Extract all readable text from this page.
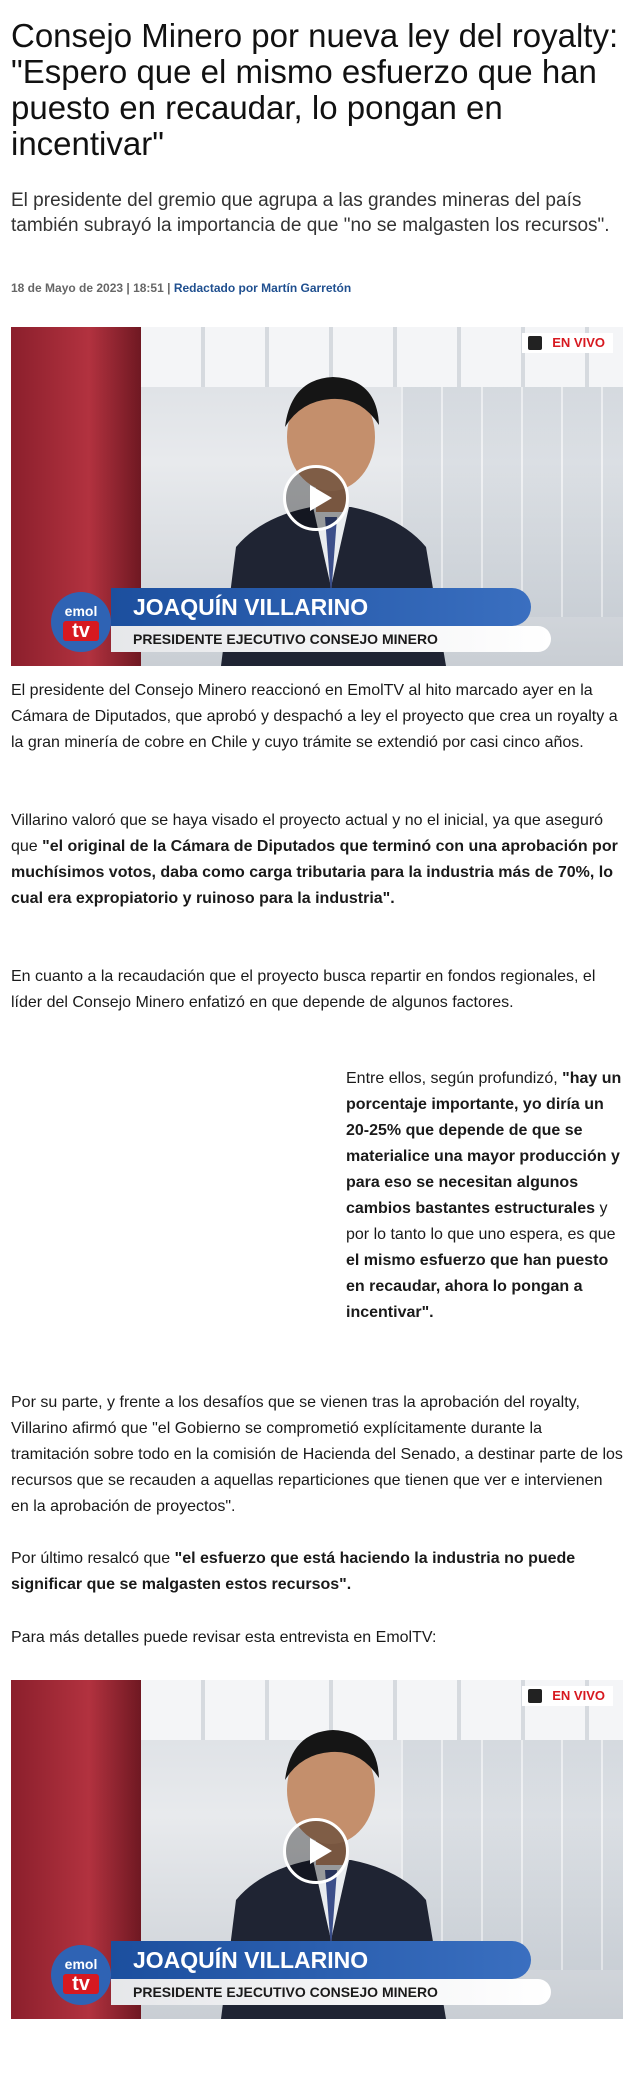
Consejo Minero por nueva ley del royalty: "Espero que el mismo esfuerzo que han puesto en recaudar, lo pongan en incentivar"

El presidente del gremio que agrupa a las grandes mineras del país también subrayó la importancia de que "no se malgasten los recursos".

18 de Mayo de 2023 | 18:51 | Redactado por Martín Garretón
EN VIVO
JOAQUÍN VILLARINO
PRESIDENTE EJECUTIVO CONSEJO MINERO
emol
tv

El presidente del Consejo Minero reaccionó en EmolTV al hito marcado ayer en la Cámara de Diputados, que aprobó y despachó a ley el proyecto que crea un royalty a la gran minería de cobre en Chile y cuyo trámite se extendió por casi cinco años.

Villarino valoró que se haya visado el proyecto actual y no el inicial, ya que aseguró que "el original de la Cámara de Diputados que terminó con una aprobación por muchísimos votos, daba como carga tributaria para la industria más de 70%, lo cual era expropiatorio y ruinoso para la industria".

En cuanto a la recaudación que el proyecto busca repartir en fondos regionales, el líder del Consejo Minero enfatizó en que depende de algunos factores.

Entre ellos, según profundizó, "hay un porcentaje importante, yo diría un 20-25% que depende de que se materialice una mayor producción y para eso se necesitan algunos cambios bastantes estructurales y por lo tanto lo que uno espera, es que el mismo esfuerzo que han puesto en recaudar, ahora lo pongan a incentivar".

Por su parte, y frente a los desafíos que se vienen tras la aprobación del royalty, Villarino afirmó que "el Gobierno se comprometió explícitamente durante la tramitación sobre todo en la comisión de Hacienda del Senado, a destinar parte de los recursos que se recauden a aquellas reparticiones que tienen que ver e intervienen en la aprobación de proyectos".

Por último resalcó que "el esfuerzo que está haciendo la industria no puede significar que se malgasten estos recursos".

Para más detalles puede revisar esta entrevista en EmolTV:

EN VIVO
JOAQUÍN VILLARINO
PRESIDENTE EJECUTIVO CONSEJO MINERO
emol
tv
